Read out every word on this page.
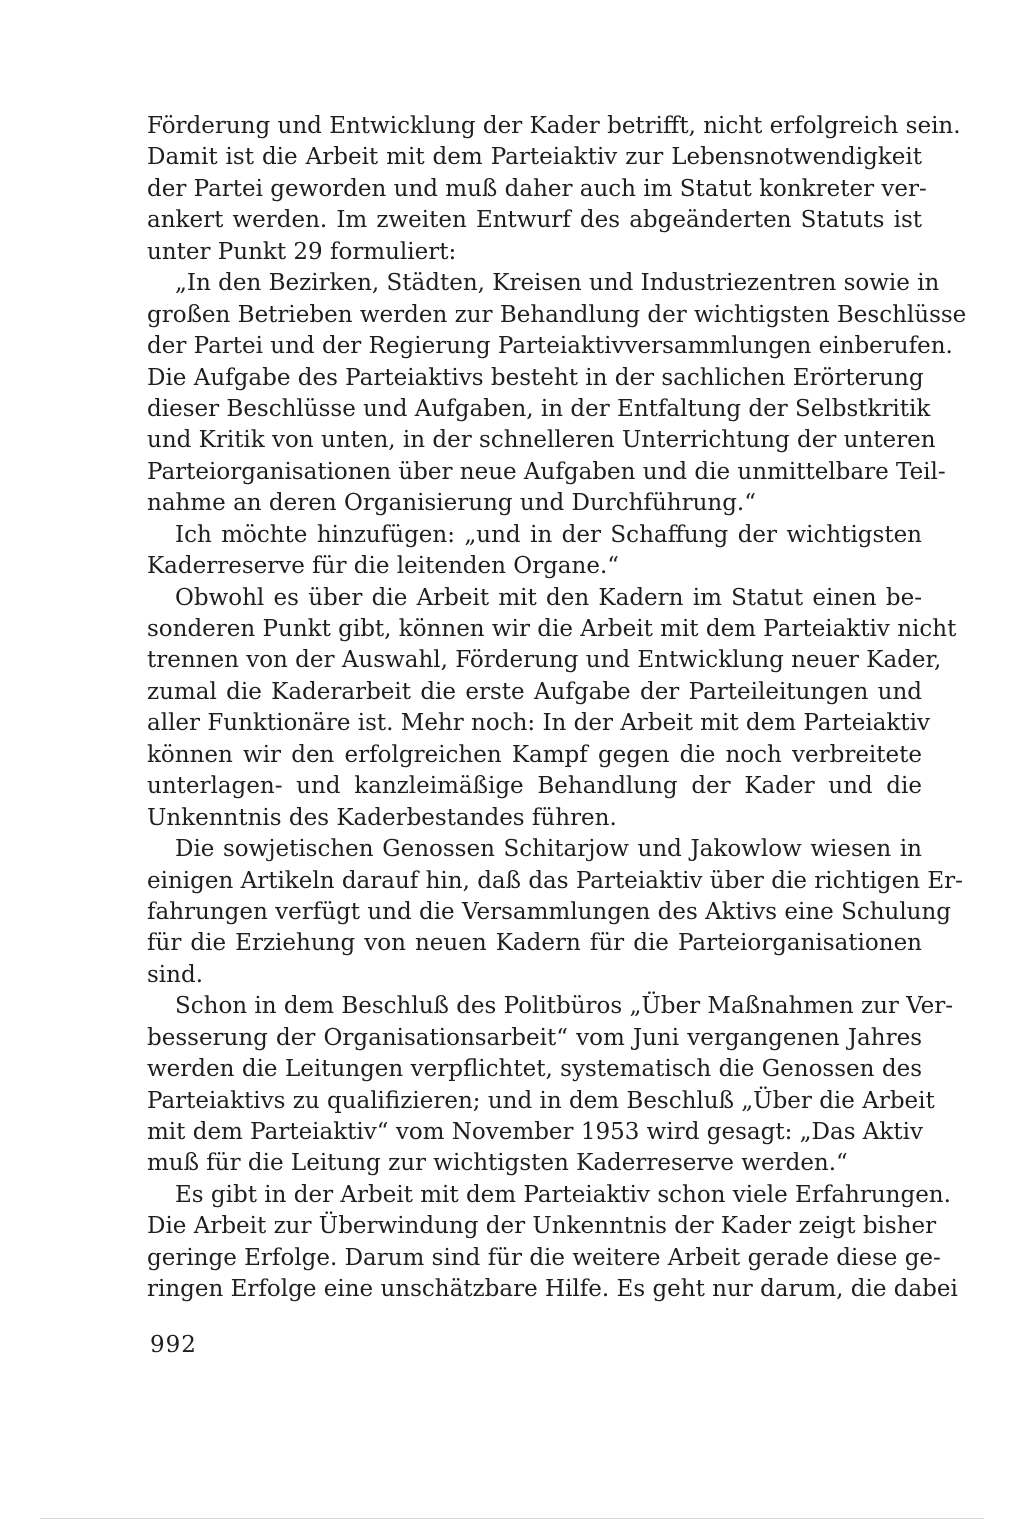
Förderung und Entwicklung der Kader betrifft, nicht erfolgreich sein.
Damit ist die Arbeit mit dem Parteiaktiv zur Lebensnotwendigkeit
der Partei geworden und muß daher auch im Statut konkreter ver-
ankert werden. Im zweiten Entwurf des abgeänderten Statuts ist
unter Punkt 29 formuliert:
„In den Bezirken, Städten, Kreisen und Industriezentren sowie in
großen Betrieben werden zur Behandlung der wichtigsten Beschlüsse
der Partei und der Regierung Parteiaktivversammlungen einberufen.
Die Aufgabe des Parteiaktivs besteht in der sachlichen Erörterung
dieser Beschlüsse und Aufgaben, in der Entfaltung der Selbstkritik
und Kritik von unten, in der schnelleren Unterrichtung der unteren
Parteiorganisationen über neue Aufgaben und die unmittelbare Teil-
nahme an deren Organisierung und Durchführung.“
Ich möchte hinzufügen: „und in der Schaffung der wichtigsten
Kaderreserve für die leitenden Organe.“
Obwohl es über die Arbeit mit den Kadern im Statut einen be-
sonderen Punkt gibt, können wir die Arbeit mit dem Parteiaktiv nicht
trennen von der Auswahl, Förderung und Entwicklung neuer Kader,
zumal die Kaderarbeit die erste Aufgabe der Parteileitungen und
aller Funktionäre ist. Mehr noch: In der Arbeit mit dem Parteiaktiv
können wir den erfolgreichen Kampf gegen die noch verbreitete
unterlagen- und kanzleimäßige Behandlung der Kader und die
Unkenntnis des Kaderbestandes führen.
Die sowjetischen Genossen Schitarjow und Jakowlow wiesen in
einigen Artikeln darauf hin, daß das Parteiaktiv über die richtigen Er-
fahrungen verfügt und die Versammlungen des Aktivs eine Schulung
für die Erziehung von neuen Kadern für die Parteiorganisationen
sind.
Schon in dem Beschluß des Politbüros „Über Maßnahmen zur Ver-
besserung der Organisationsarbeit“ vom Juni vergangenen Jahres
werden die Leitungen verpflichtet, systematisch die Genossen des
Parteiaktivs zu qualifizieren; und in dem Beschluß „Über die Arbeit
mit dem Parteiaktiv“ vom November 1953 wird gesagt: „Das Aktiv
muß für die Leitung zur wichtigsten Kaderreserve werden.“
Es gibt in der Arbeit mit dem Parteiaktiv schon viele Erfahrungen.
Die Arbeit zur Überwindung der Unkenntnis der Kader zeigt bisher
geringe Erfolge. Darum sind für die weitere Arbeit gerade diese ge-
ringen Erfolge eine unschätzbare Hilfe. Es geht nur darum, die dabei
992
